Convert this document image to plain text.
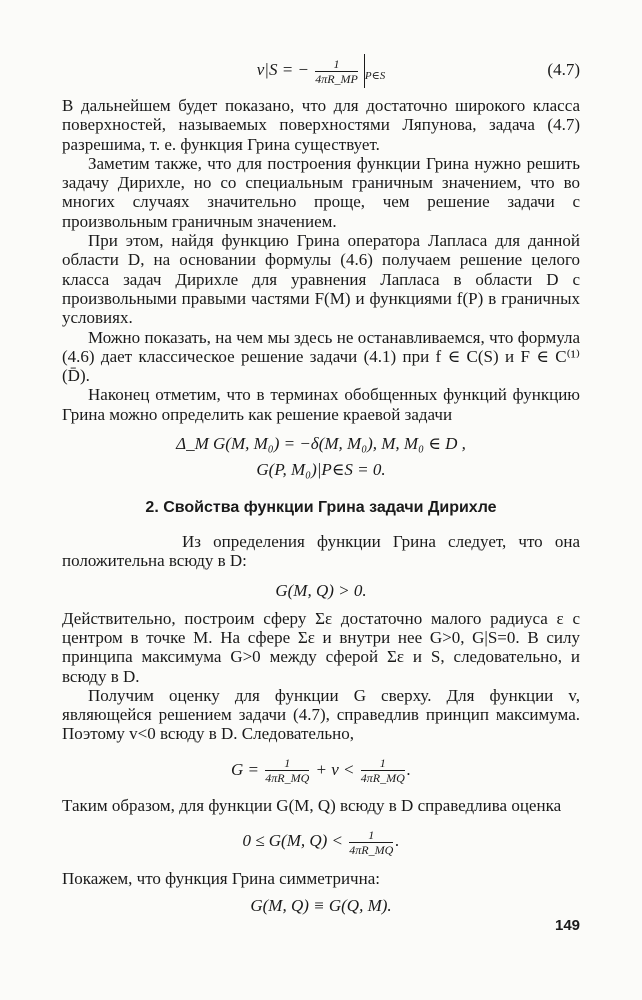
v|S = − $\frac{1}{4\pi R\_MP} _{P\in S}$	(4.7)

В дальнейшем будет показано, что для достаточно широкого класса поверхностей, называемых поверхностями Ляпунова, задача (4.7) разрешима, т. е. функция Грина существует.

Заметим также, что для построения функции Грина нужно решить задачу Дирихле, но со специальным граничным значением, что во многих случаях значительно проще, чем решение задачи с произвольным граничным значением.

При этом, найдя функцию Грина оператора Лапласа для данной области D, на основании формулы (4.6) получаем решение целого класса задач Дирихле для уравнения Лапласа в области D с произвольными правыми частями F(M) и функциями f(P) в граничных условиях.

Можно показать, на чем мы здесь не останавливаемся, что формула (4.6) дает классическое решение задачи (4.1) при f ∈ C(S) и F ∈ C⁽¹⁾(D̄).

Наконец отметим, что в терминах обобщенных функций функцию Грина можно определить как решение краевой задачи

Δ_M G(M, M₀) = −δ(M, M₀), M, M₀ ∈ D ,
G(P, M₀)|P∈S = 0.
2. Свойства функции Грина задачи Дирихле

Из определения функции Грина следует, что она положительна всюду в D:

G(M, Q) > 0.

Действительно, построим сферу Σε достаточно малого радиуса ε с центром в точке M. На сфере Σε и внутри нее G>0, G|S=0. В силу принципа максимума G>0 между сферой Σε и S, следовательно, и всюду в D.

Получим оценку для функции G сверху. Для функции v, являющейся решением задачи (4.7), справедлив принцип максимума. Поэтому v<0 всюду в D. Следовательно,

$G = \frac{1}{4\pi R\_MQ} + v < \frac{1}{4\pi R\_MQ}$ .

Таким образом, для функции G(M, Q) всюду в D справедлива оценка

0 ≤ G(M, $Q) < \frac{1}{4\pi R\_MQ}$ .

Покажем, что функция Грина симметрична:

G(M, Q) ≡ G(Q, M).
149
